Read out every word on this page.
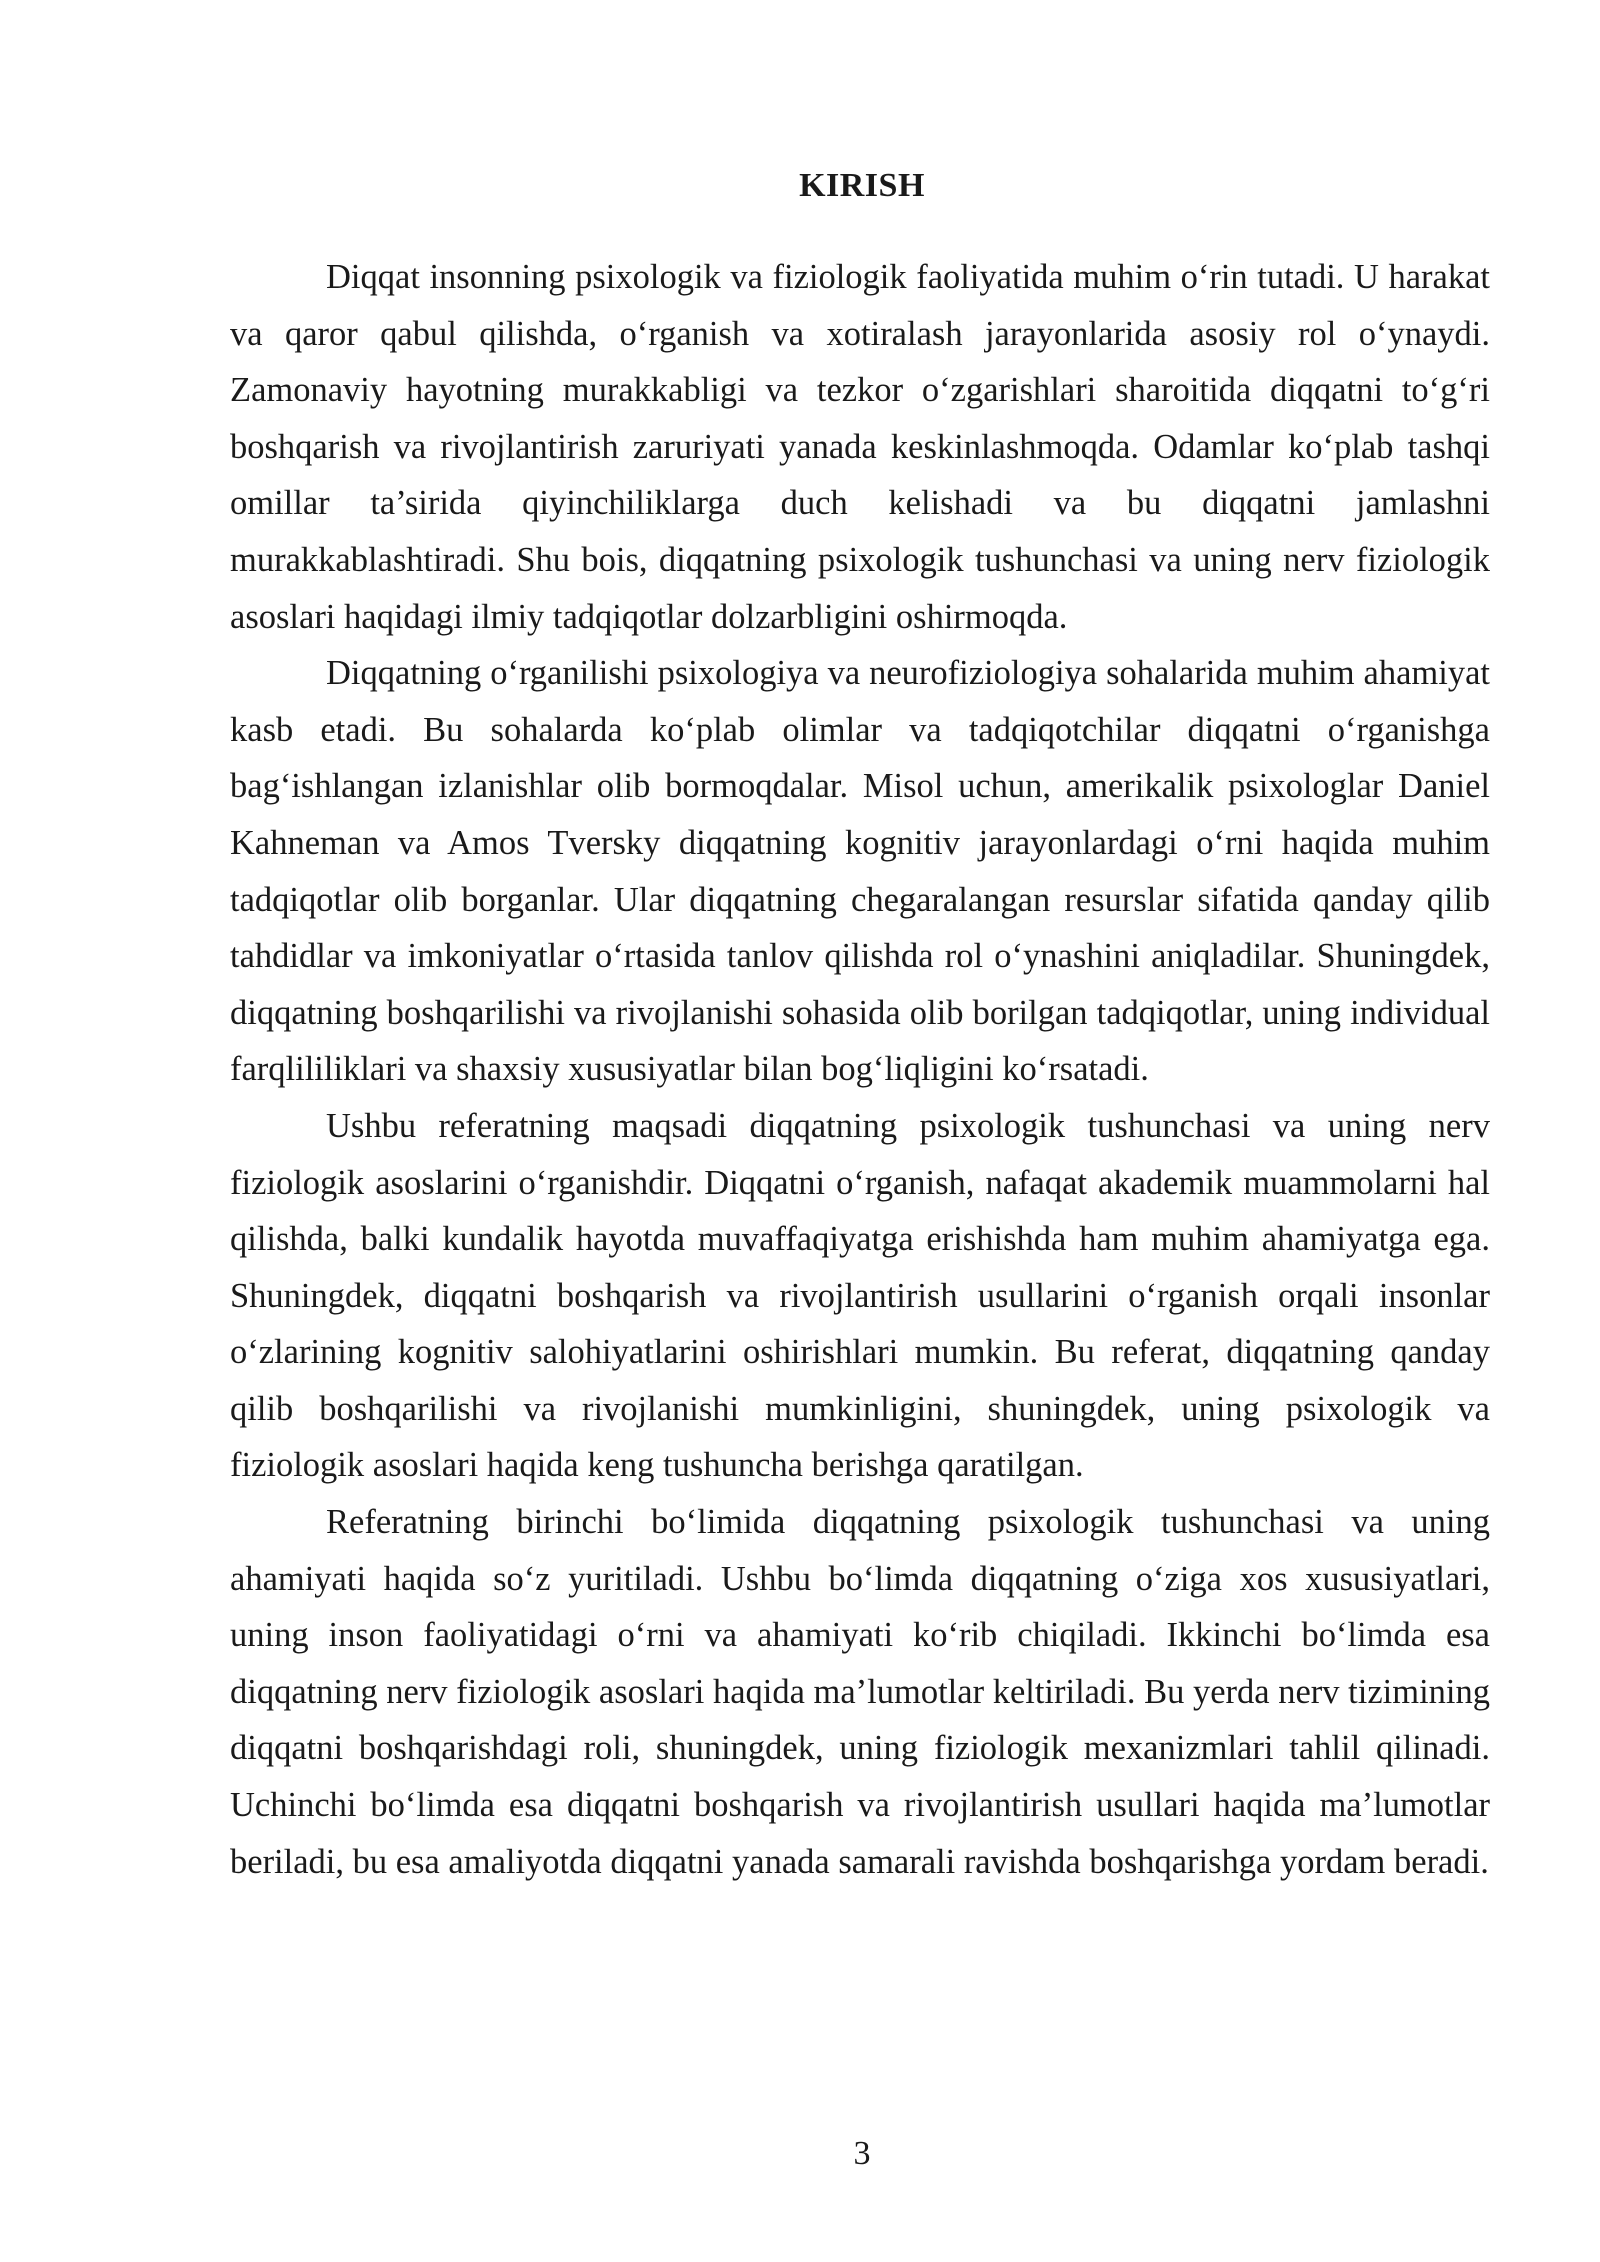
KIRISH

Diqqat insonning psixologik va fiziologik faoliyatida muhim o‘rin tutadi. U harakat va qaror qabul qilishda, o‘rganish va xotiralash jarayonlarida asosiy rol o‘ynaydi. Zamonaviy hayotning murakkabligi va tezkor o‘zgarishlari sharoitida diqqatni to‘g‘ri boshqarish va rivojlantirish zaruriyati yanada keskinlashmoqda. Odamlar ko‘plab tashqi omillar ta’sirida qiyinchiliklarga duch kelishadi va bu diqqatni jamlashni murakkablashtiradi. Shu bois, diqqatning psixologik tushunchasi va uning nerv fiziologik asoslari haqidagi ilmiy tadqiqotlar dolzarbligini oshirmoqda.

Diqqatning o‘rganilishi psixologiya va neurofiziologiya sohalarida muhim ahamiyat kasb etadi. Bu sohalarda ko‘plab olimlar va tadqiqotchilar diqqatni o‘rganishga bag‘ishlangan izlanishlar olib bormoqdalar. Misol uchun, amerikalik psixologlar Daniel Kahneman va Amos Tversky diqqatning kognitiv jarayonlardagi o‘rni haqida muhim tadqiqotlar olib borganlar. Ular diqqatning chegaralangan resurslar sifatida qanday qilib tahdidlar va imkoniyatlar o‘rtasida tanlov qilishda rol o‘ynashini aniqladilar. Shuningdek, diqqatning boshqarilishi va rivojlanishi sohasida olib borilgan tadqiqotlar, uning individual farqlililiklari va shaxsiy xususiyatlar bilan bog‘liqligini ko‘rsatadi.

Ushbu referatning maqsadi diqqatning psixologik tushunchasi va uning nerv fiziologik asoslarini o‘rganishdir. Diqqatni o‘rganish, nafaqat akademik muammolarni hal qilishda, balki kundalik hayotda muvaffaqiyatga erishishda ham muhim ahamiyatga ega. Shuningdek, diqqatni boshqarish va rivojlantirish usullarini o‘rganish orqali insonlar o‘zlarining kognitiv salohiyatlarini oshirishlari mumkin. Bu referat, diqqatning qanday qilib boshqarilishi va rivojlanishi mumkinligini, shuningdek, uning psixologik va fiziologik asoslari haqida keng tushuncha berishga qaratilgan.

Referatning birinchi bo‘limida diqqatning psixologik tushunchasi va uning ahamiyati haqida so‘z yuritiladi. Ushbu bo‘limda diqqatning o‘ziga xos xususiyatlari, uning inson faoliyatidagi o‘rni va ahamiyati ko‘rib chiqiladi. Ikkinchi bo‘limda esa diqqatning nerv fiziologik asoslari haqida ma’lumotlar keltiriladi. Bu yerda nerv tizimining diqqatni boshqarishdagi roli, shuningdek, uning fiziologik mexanizmlari tahlil qilinadi. Uchinchi bo‘limda esa diqqatni boshqarish va rivojlantirish usullari haqida ma’lumotlar beriladi, bu esa amaliyotda diqqatni yanada samarali ravishda boshqarishga yordam beradi.

3
